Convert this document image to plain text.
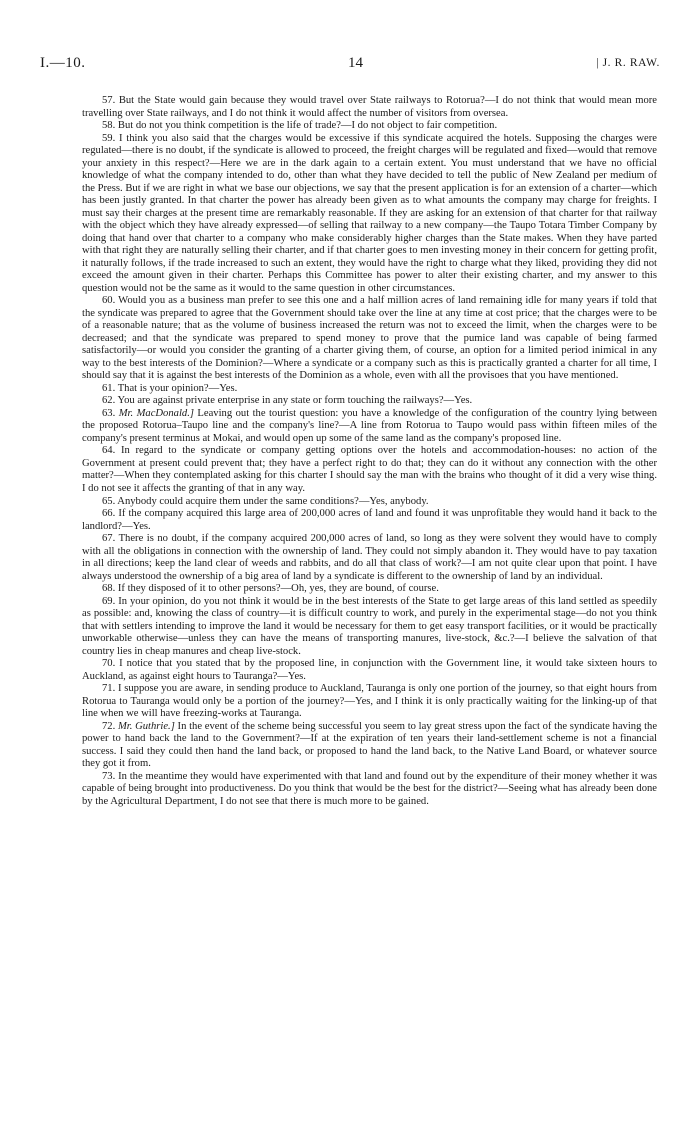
I.—10.	14	| J. R. RAW.

57. But the State would gain because they would travel over State railways to Rotorua?—I do not think that would mean more travelling over State railways, and I do not think it would affect the number of visitors from oversea.

58. But do not you think competition is the life of trade?—I do not object to fair competition.

59. I think you also said that the charges would be excessive if this syndicate acquired the hotels. Supposing the charges were regulated—there is no doubt, if the syndicate is allowed to proceed, the freight charges will be regulated and fixed—would that remove your anxiety in this respect?—Here we are in the dark again to a certain extent. You must understand that we have no official knowledge of what the company intended to do, other than what they have decided to tell the public of New Zealand per medium of the Press. But if we are right in what we base our objections, we say that the present application is for an extension of a charter—which has been justly granted. In that charter the power has already been given as to what amounts the company may charge for freights. I must say their charges at the present time are remarkably reasonable. If they are asking for an extension of that charter for that railway with the object which they have already expressed—of selling that railway to a new company—the Taupo Totara Timber Company by doing that hand over that charter to a company who make considerably higher charges than the State makes. When they have parted with that right they are naturally selling their charter, and if that charter goes to men investing money in their concern for getting profit, it naturally follows, if the trade increased to such an extent, they would have the right to charge what they liked, providing they did not exceed the amount given in their charter. Perhaps this Committee has power to alter their existing charter, and my answer to this question would not be the same as it would to the same question in other circumstances.

60. Would you as a business man prefer to see this one and a half million acres of land remaining idle for many years if told that the syndicate was prepared to agree that the Government should take over the line at any time at cost price; that the charges were to be of a reasonable nature; that as the volume of business increased the return was not to exceed the limit, when the charges were to be decreased; and that the syndicate was prepared to spend money to prove that the pumice land was capable of being farmed satisfactorily—or would you consider the granting of a charter giving them, of course, an option for a limited period inimical in any way to the best interests of the Dominion?—Where a syndicate or a company such as this is practically granted a charter for all time, I should say that it is against the best interests of the Dominion as a whole, even with all the provisoes that you have mentioned.

61. That is your opinion?—Yes.

62. You are against private enterprise in any state or form touching the railways?—Yes.

63. Mr. MacDonald.] Leaving out the tourist question: you have a knowledge of the configuration of the country lying between the proposed Rotorua–Taupo line and the company's line?—A line from Rotorua to Taupo would pass within fifteen miles of the company's present terminus at Mokai, and would open up some of the same land as the company's proposed line.

64. In regard to the syndicate or company getting options over the hotels and accommodation-houses: no action of the Government at present could prevent that; they have a perfect right to do that; they can do it without any connection with the other matter?—When they contemplated asking for this charter I should say the man with the brains who thought of it did a very wise thing. I do not see it affects the granting of that in any way.

65. Anybody could acquire them under the same conditions?—Yes, anybody.

66. If the company acquired this large area of 200,000 acres of land and found it was unprofitable they would hand it back to the landlord?—Yes.

67. There is no doubt, if the company acquired 200,000 acres of land, so long as they were solvent they would have to comply with all the obligations in connection with the ownership of land. They could not simply abandon it. They would have to pay taxation in all directions; keep the land clear of weeds and rabbits, and do all that class of work?—I am not quite clear upon that point. I have always understood the ownership of a big area of land by a syndicate is different to the ownership of land by an individual.

68. If they disposed of it to other persons?—Oh, yes, they are bound, of course.

69. In your opinion, do you not think it would be in the best interests of the State to get large areas of this land settled as speedily as possible: and, knowing the class of country—it is difficult country to work, and purely in the experimental stage—do not you think that with settlers intending to improve the land it would be necessary for them to get easy transport facilities, or it would be practically unworkable otherwise—unless they can have the means of transporting manures, live-stock, &c.?—I believe the salvation of that country lies in cheap manures and cheap live-stock.

70. I notice that you stated that by the proposed line, in conjunction with the Government line, it would take sixteen hours to Auckland, as against eight hours to Tauranga?—Yes.

71. I suppose you are aware, in sending produce to Auckland, Tauranga is only one portion of the journey, so that eight hours from Rotorua to Tauranga would only be a portion of the journey?—Yes, and I think it is only practically waiting for the linking-up of that line when we will have freezing-works at Tauranga.

72. Mr. Guthrie.] In the event of the scheme being successful you seem to lay great stress upon the fact of the syndicate having the power to hand back the land to the Government?—If at the expiration of ten years their land-settlement scheme is not a financial success. I said they could then hand the land back, or proposed to hand the land back, to the Native Land Board, or whatever source they got it from.

73. In the meantime they would have experimented with that land and found out by the expenditure of their money whether it was capable of being brought into productiveness. Do you think that would be the best for the district?—Seeing what has already been done by the Agricultural Department, I do not see that there is much more to be gained.
